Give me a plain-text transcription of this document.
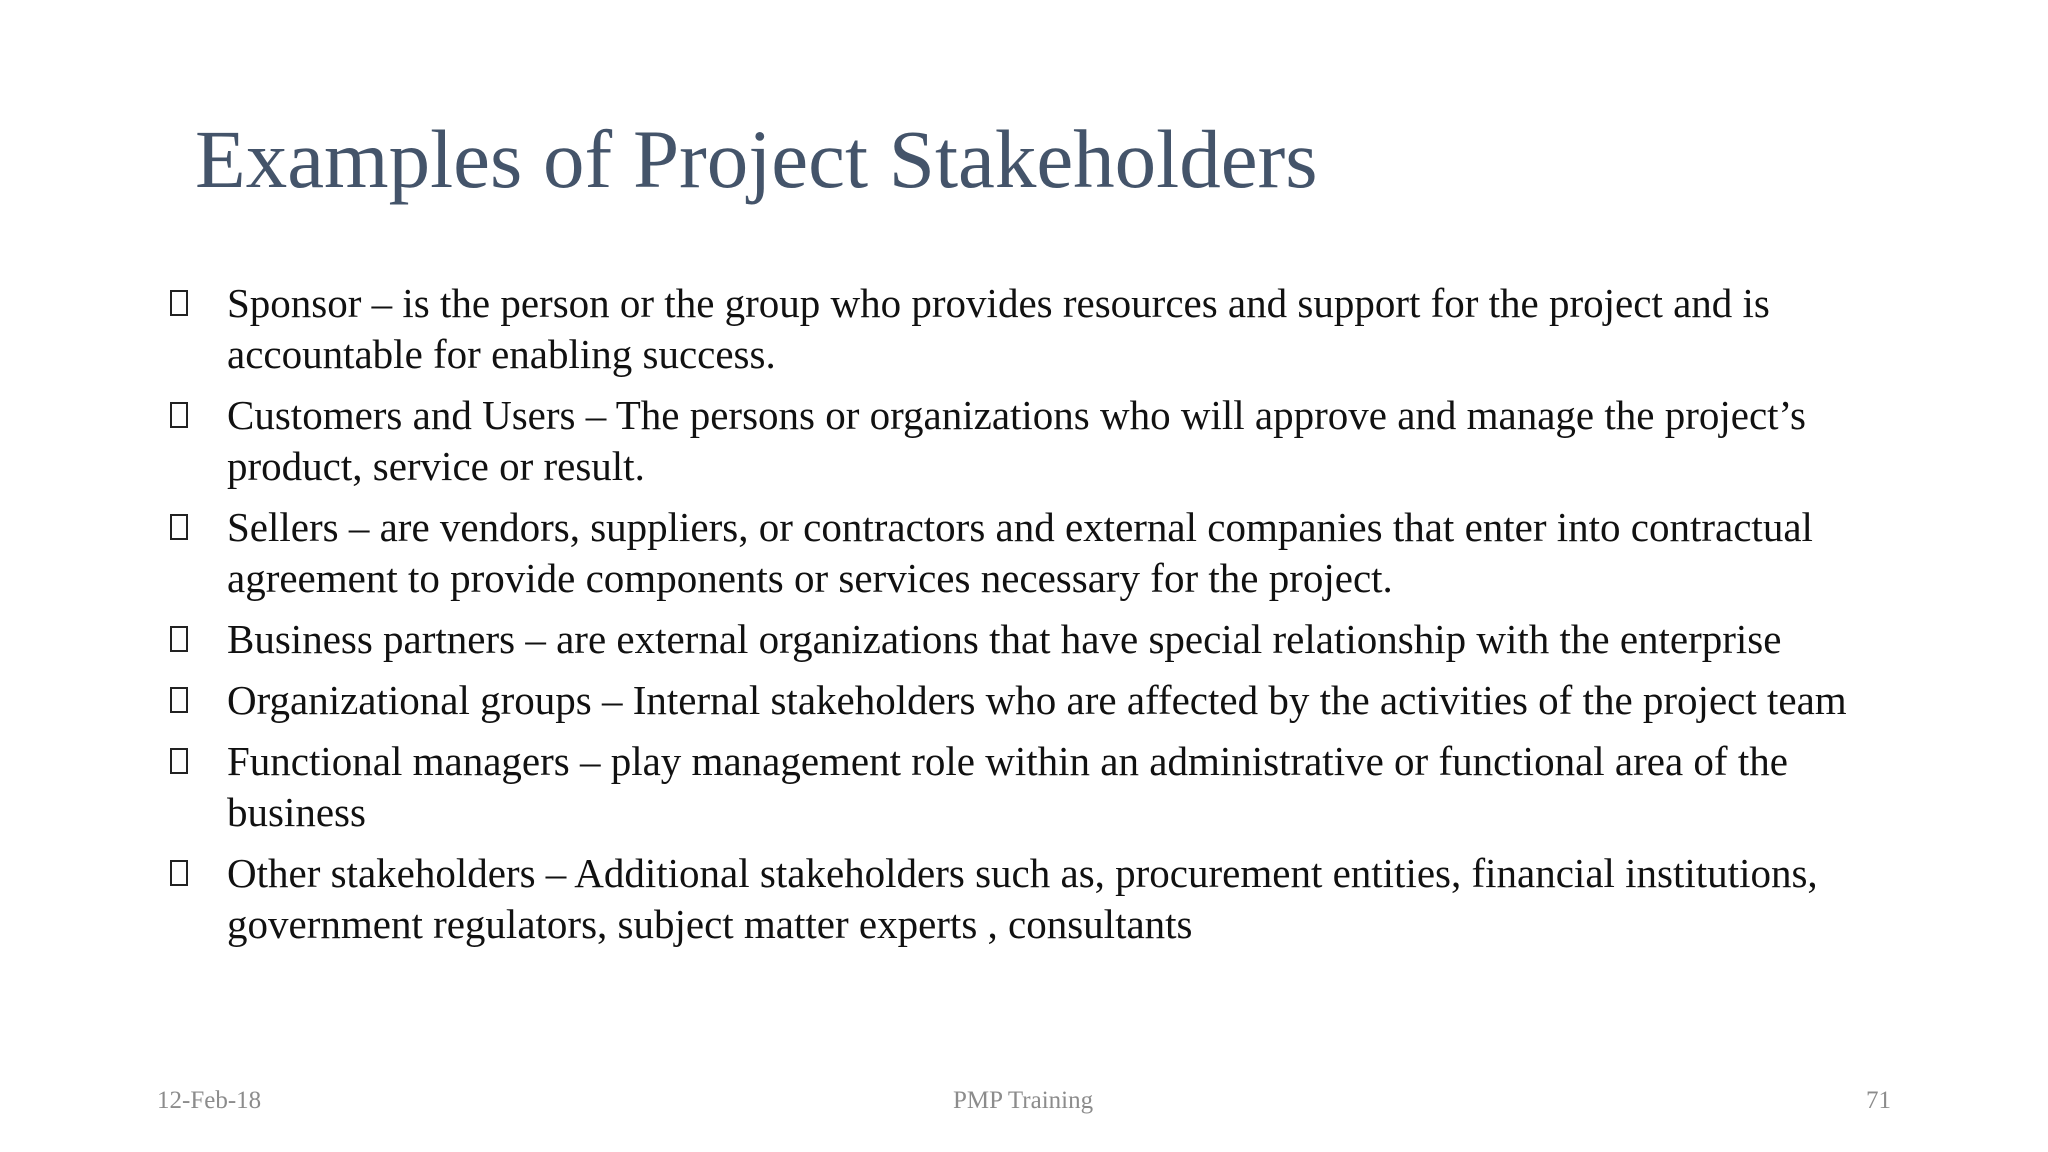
Examples of Project Stakeholders
Sponsor – is the person or the group who provides resources and support for the project and is accountable for enabling success.
Customers and Users – The persons or organizations who will approve and manage the project’s product, service or result.
Sellers – are vendors, suppliers, or contractors and external companies that enter into contractual agreement to provide components or services necessary for the project.
Business partners – are external organizations that have special relationship with the enterprise
Organizational groups – Internal stakeholders who are affected by the activities of the project team
Functional managers – play management role within an administrative or functional area of the business
Other stakeholders – Additional stakeholders such as, procurement entities, financial institutions, government regulators, subject matter experts , consultants
12-Feb-18	PMP Training	71
